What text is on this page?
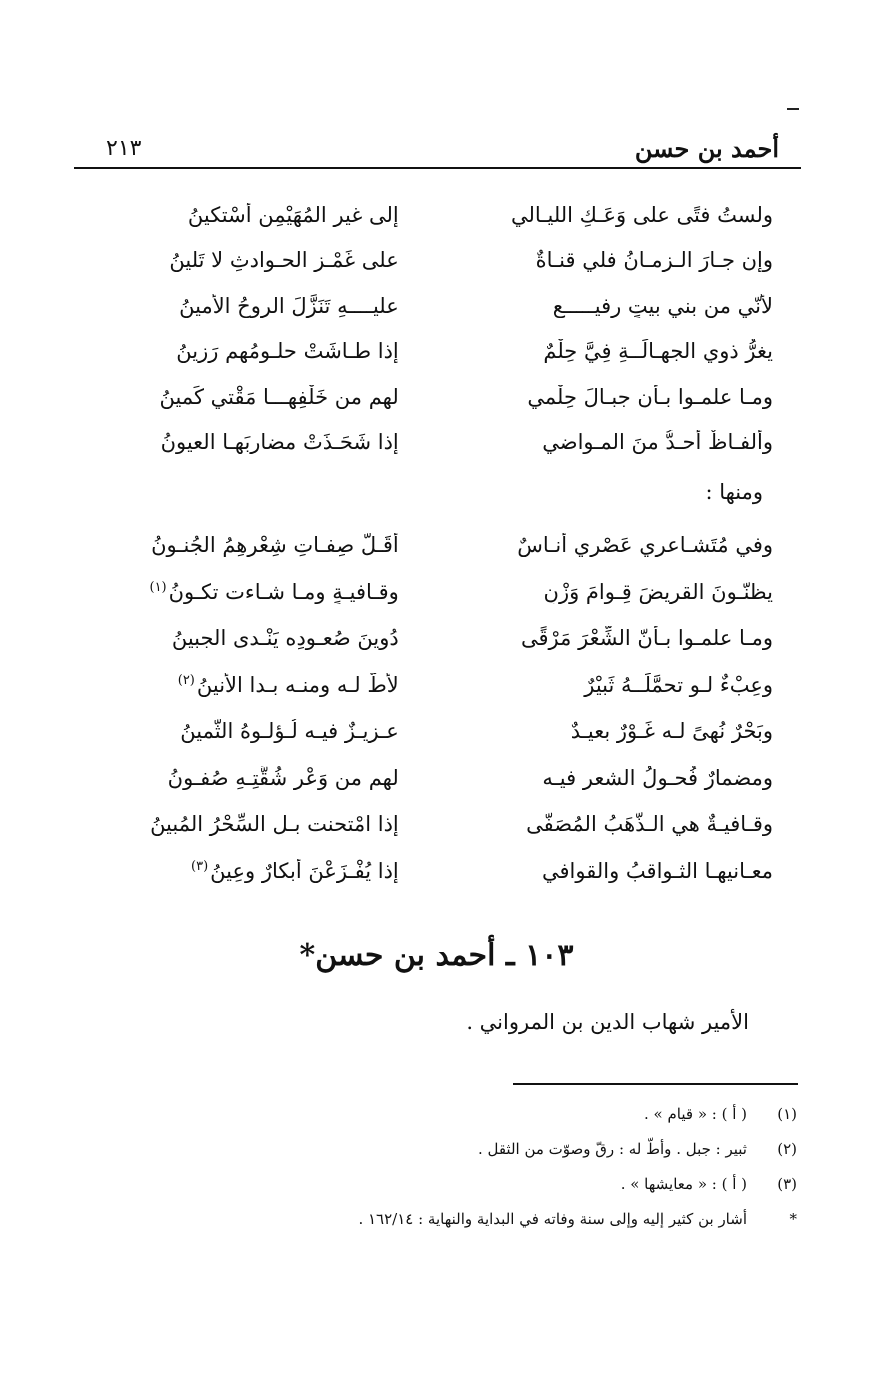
أحمد بن حسن
٢١٣
ولستُ فتًى على وَعَـكِ الليـالي
إلى غير المُهَيْمِنِ أَسْتكينُ
وإن جـارَ الـزمـانُ فلي قنـاةٌ
على غَمْـزِ الحـوادثِ لا تَلينُ
لأنّي من بني بيتٍ رفيـــــعٍ
عليــــهِ تَنَزَّلَ الروحُ الأمينُ
يغرُّ ذوي الجهـالَــةِ فِيَّ حِلْمٌ
إذا طـاشَتْ حلـومُهم رَزينُ
ومـا علمـوا بـأن جبـالَ حِلْمي
لهم من خَلْفِهـــا مَقْتي كَمينُ
وألفـاظٌ أحـدُّ منَ المـواضي
إذا شَحَـذَتْ مضارِبَهـا العيونُ
ومنها :
وفي مُتَشـاعري عَصْري أُنـاسٌ
أَقَـلُّ صِفـاتِ شِعْرِهِمُ الجُنـونُ
يظنّـونَ القريضَ قِـوامَ وَزْنٍ
وقـافيـةٍ ومـا شـاءت تكـونُ$^{(١)}$
ومـا علمـوا بـأنّ الشِّعْرَ مَرْقًى
دُوينَ صُعـودِه يَنْـدى الجبينُ
وعِبْءٌ لـو تحمَّلَــهُ ثَبيْرٌ
لأطَّ لـه ومنـه بـدا الأنينُ$^{(٢)}$
وبَحْرٌ نُهىً لـه غَـوْرٌ بعيـدٌ
عـزيـزٌ فيـه لُـؤلـوهُ الثَّمينُ
ومضمارٌ فُحـولُ الشعر فيـه
لهم من وَعْرِ شُقَّتِـهِ صُفـونُ
وقـافيـةٌ هي الـذَّهَبُ المُصَفّى
إذا امْتحنت بـلِ السِّحْرُ المُبينُ
معـانيهـا الثـواقبُ والقوافي
إذا يُفْـزَعْنَ أبكارٌ وعِينُ$^{(٣)}$
١٠٣ ـ أحمد بن حسن*
الأمير شهاب الدين بن المرواني .
(١)
( أ ) : « قيام » .
(٢)
ثبير : جبل . وأطّ له : رقّ وصوّت من الثقل .
(٣)
( أ ) : « معايشها » .
*
أشار بن كثير إليه وإلى سنة وفاته في البداية والنهاية : ١٦٢/١٤ .
